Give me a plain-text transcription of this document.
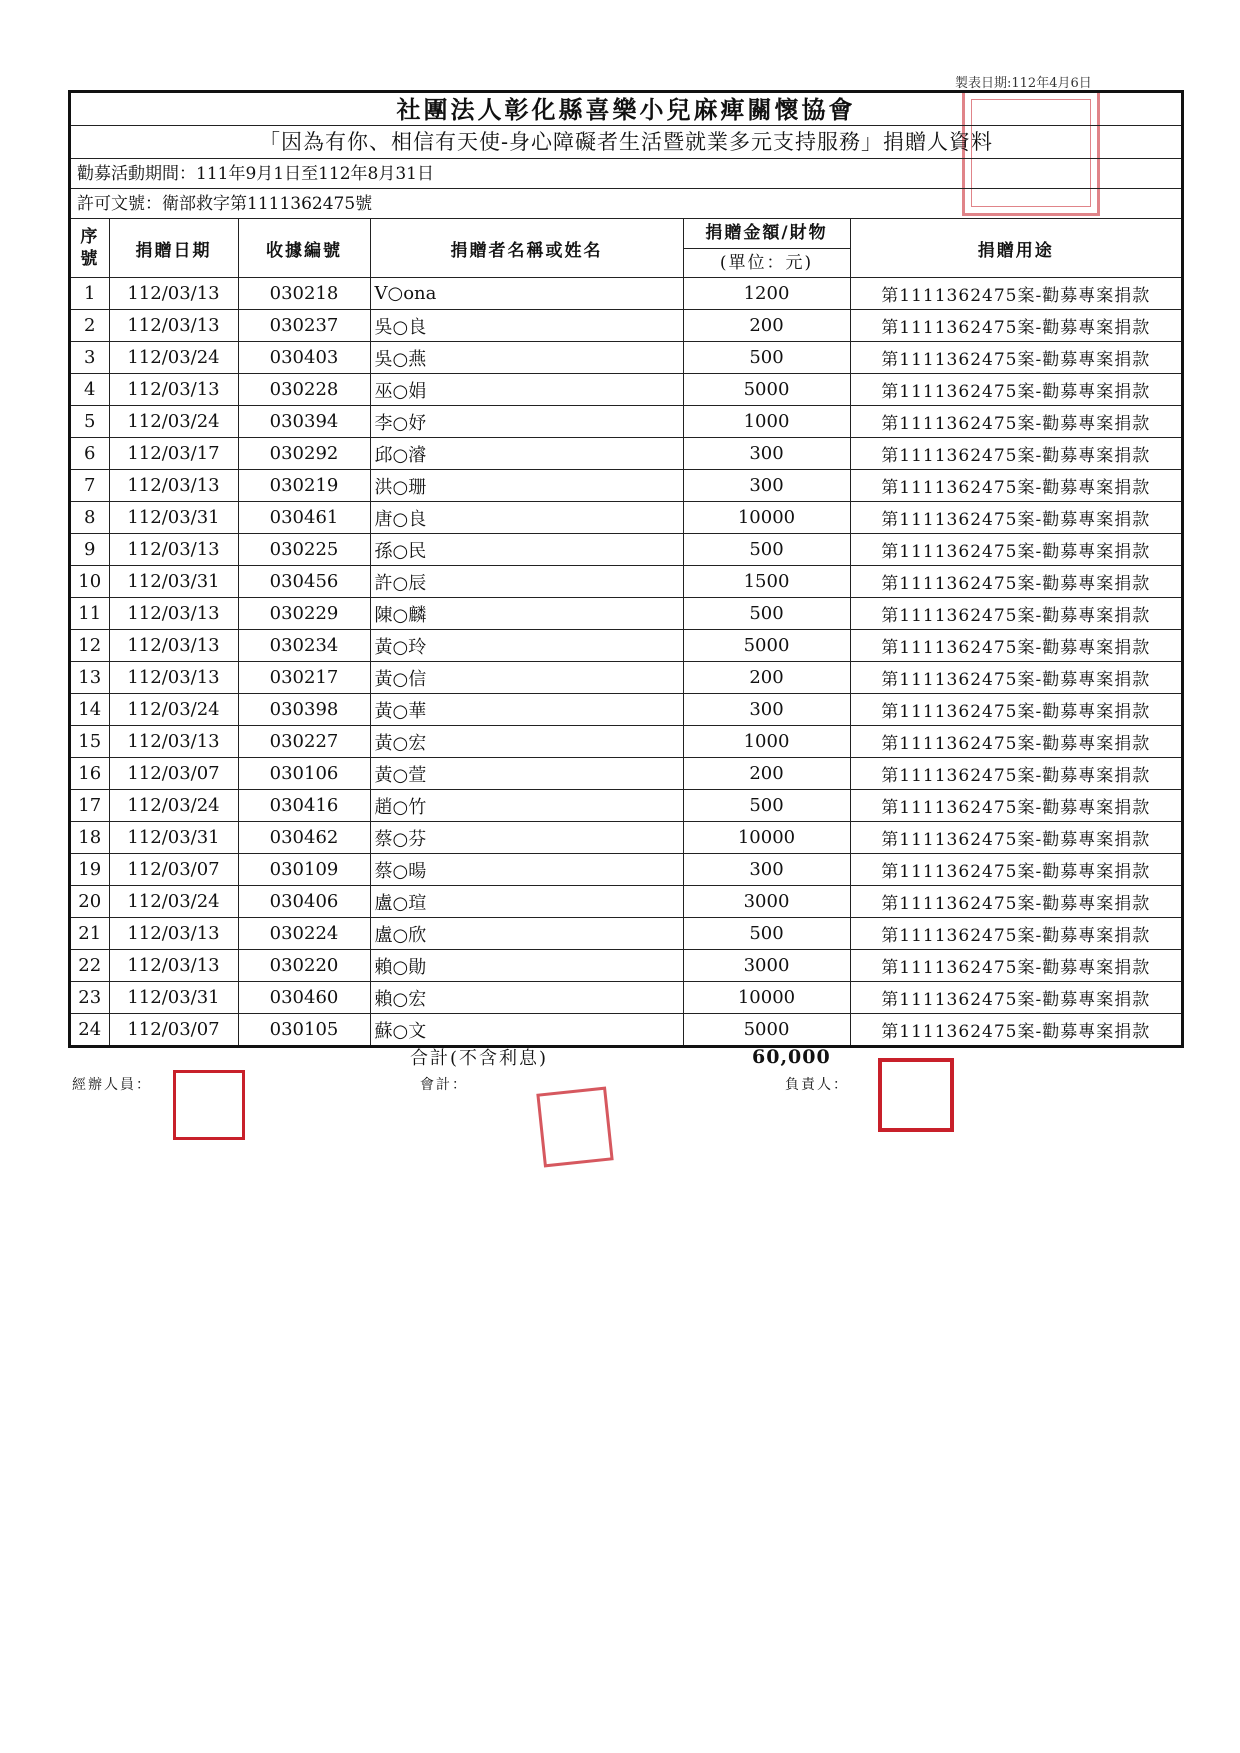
製表日期:112年4月6日
社團法人彰化縣喜樂小兒麻痺關懷協會
「因為有你、相信有天使-身心障礙者生活暨就業多元支持服務」捐贈人資料
勸募活動期間：111年9月1日至112年8月31日
許可文號：衛部救字第1111362475號
序號	捐贈日期	收據編號	捐贈者名稱或姓名	捐贈金額/財物
(單位：元)	捐贈用途
1	112/03/13	030218	V○ona	1200	第1111362475案-勸募專案捐款
2	112/03/13	030237	吳○良	200	第1111362475案-勸募專案捐款
3	112/03/24	030403	吳○燕	500	第1111362475案-勸募專案捐款
4	112/03/13	030228	巫○娟	5000	第1111362475案-勸募專案捐款
5	112/03/24	030394	李○妤	1000	第1111362475案-勸募專案捐款
6	112/03/17	030292	邱○濬	300	第1111362475案-勸募專案捐款
7	112/03/13	030219	洪○珊	300	第1111362475案-勸募專案捐款
8	112/03/31	030461	唐○良	10000	第1111362475案-勸募專案捐款
9	112/03/13	030225	孫○民	500	第1111362475案-勸募專案捐款
10	112/03/31	030456	許○辰	1500	第1111362475案-勸募專案捐款
11	112/03/13	030229	陳○麟	500	第1111362475案-勸募專案捐款
12	112/03/13	030234	黃○玲	5000	第1111362475案-勸募專案捐款
13	112/03/13	030217	黃○信	200	第1111362475案-勸募專案捐款
14	112/03/24	030398	黃○華	300	第1111362475案-勸募專案捐款
15	112/03/13	030227	黃○宏	1000	第1111362475案-勸募專案捐款
16	112/03/07	030106	黃○萱	200	第1111362475案-勸募專案捐款
17	112/03/24	030416	趙○竹	500	第1111362475案-勸募專案捐款
18	112/03/31	030462	蔡○芬	10000	第1111362475案-勸募專案捐款
19	112/03/07	030109	蔡○暘	300	第1111362475案-勸募專案捐款
20	112/03/24	030406	盧○瑄	3000	第1111362475案-勸募專案捐款
21	112/03/13	030224	盧○欣	500	第1111362475案-勸募專案捐款
22	112/03/13	030220	賴○勛	3000	第1111362475案-勸募專案捐款
23	112/03/31	030460	賴○宏	10000	第1111362475案-勸募專案捐款
24	112/03/07	030105	蘇○文	5000	第1111362475案-勸募專案捐款
合計(不含利息)	60,000
經辦人員：	會計：	負責人：
